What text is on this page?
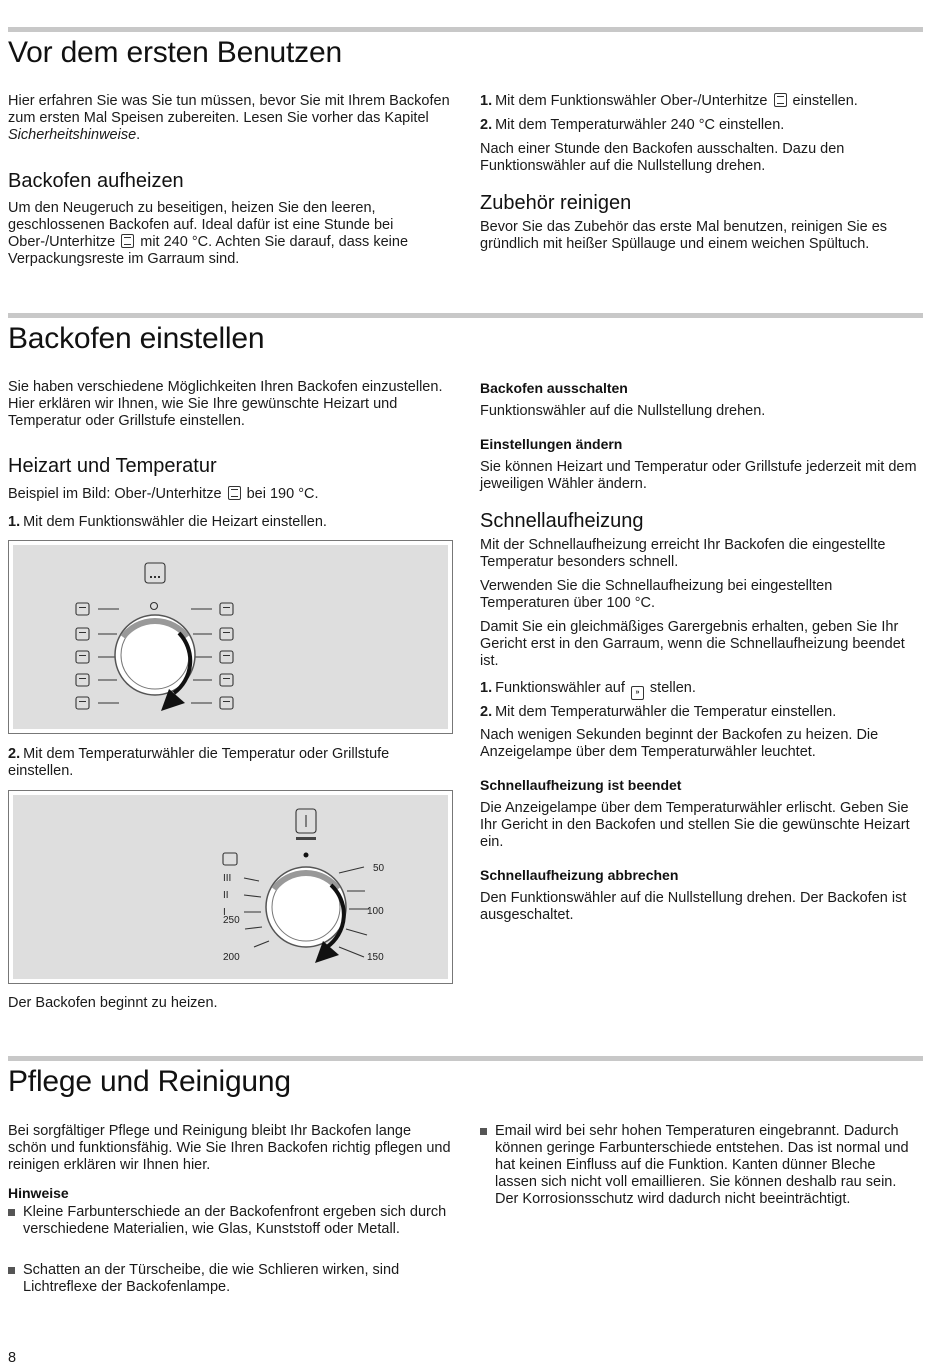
Vor dem ersten Benutzen

Hier erfahren Sie was Sie tun müssen, bevor Sie mit Ihrem Backofen zum ersten Mal Speisen zubereiten. Lesen Sie vorher das Kapitel Sicherheitshinweise.

Backofen aufheizen

Um den Neugeruch zu beseitigen, heizen Sie den leeren, geschlossenen Backofen auf. Ideal dafür ist eine Stunde bei Ober-/Unterhitze  mit 240 °C. Achten Sie darauf, dass keine Verpackungsreste im Garraum sind.

1. Mit dem Funktionswähler Ober-/Unterhitze  einstellen.

2. Mit dem Temperaturwähler 240 °C einstellen.

Nach einer Stunde den Backofen ausschalten. Dazu den Funktionswähler auf die Nullstellung drehen.

Zubehör reinigen

Bevor Sie das Zubehör das erste Mal benutzen, reinigen Sie es gründlich mit heißer Spüllauge und einem weichen Spültuch.

Backofen einstellen

Sie haben verschiedene Möglichkeiten Ihren Backofen einzustellen. Hier erklären wir Ihnen, wie Sie Ihre gewünschte Heizart und Temperatur oder Grillstufe einstellen.

Heizart und Temperatur

Beispiel im Bild: Ober-/Unterhitze  bei 190 °C.

1. Mit dem Funktionswähler die Heizart einstellen.

2. Mit dem Temperaturwähler die Temperatur oder Grillstufe einstellen.

III
II
I
250
200
50
100
150

Der Backofen beginnt zu heizen.

Backofen ausschalten

Funktionswähler auf die Nullstellung drehen.

Einstellungen ändern

Sie können Heizart und Temperatur oder Grillstufe jederzeit mit dem jeweiligen Wähler ändern.

Schnellaufheizung

Mit der Schnellaufheizung erreicht Ihr Backofen die eingestellte Temperatur besonders schnell.

Verwenden Sie die Schnellaufheizung bei eingestellten Temperaturen über 100 °C.

Damit Sie ein gleichmäßiges Garergebnis erhalten, geben Sie Ihr Gericht erst in den Garraum, wenn die Schnellaufheizung beendet ist.

1. Funktionswähler auf » stellen.

2. Mit dem Temperaturwähler die Temperatur einstellen.

Nach wenigen Sekunden beginnt der Backofen zu heizen. Die Anzeigelampe über dem Temperaturwähler leuchtet.

Schnellaufheizung ist beendet

Die Anzeigelampe über dem Temperaturwähler erlischt. Geben Sie Ihr Gericht in den Backofen und stellen Sie die gewünschte Heizart ein.

Schnellaufheizung abbrechen

Den Funktionswähler auf die Nullstellung drehen. Der Backofen ist ausgeschaltet.

Pflege und Reinigung

Bei sorgfältiger Pflege und Reinigung bleibt Ihr Backofen lange schön und funktionsfähig. Wie Sie Ihren Backofen richtig pflegen und reinigen erklären wir Ihnen hier.

Hinweise
Kleine Farbunterschiede an der Backofenfront ergeben sich durch verschiedene Materialien, wie Glas, Kunststoff oder Metall.
Schatten an der Türscheibe, die wie Schlieren wirken, sind Lichtreflexe der Backofenlampe.
Email wird bei sehr hohen Temperaturen eingebrannt. Dadurch können geringe Farbunterschiede entstehen. Das ist normal und hat keinen Einfluss auf die Funktion. Kanten dünner Bleche lassen sich nicht voll emaillieren. Sie können deshalb rau sein. Der Korrosionsschutz wird dadurch nicht beeinträchtigt.
8
